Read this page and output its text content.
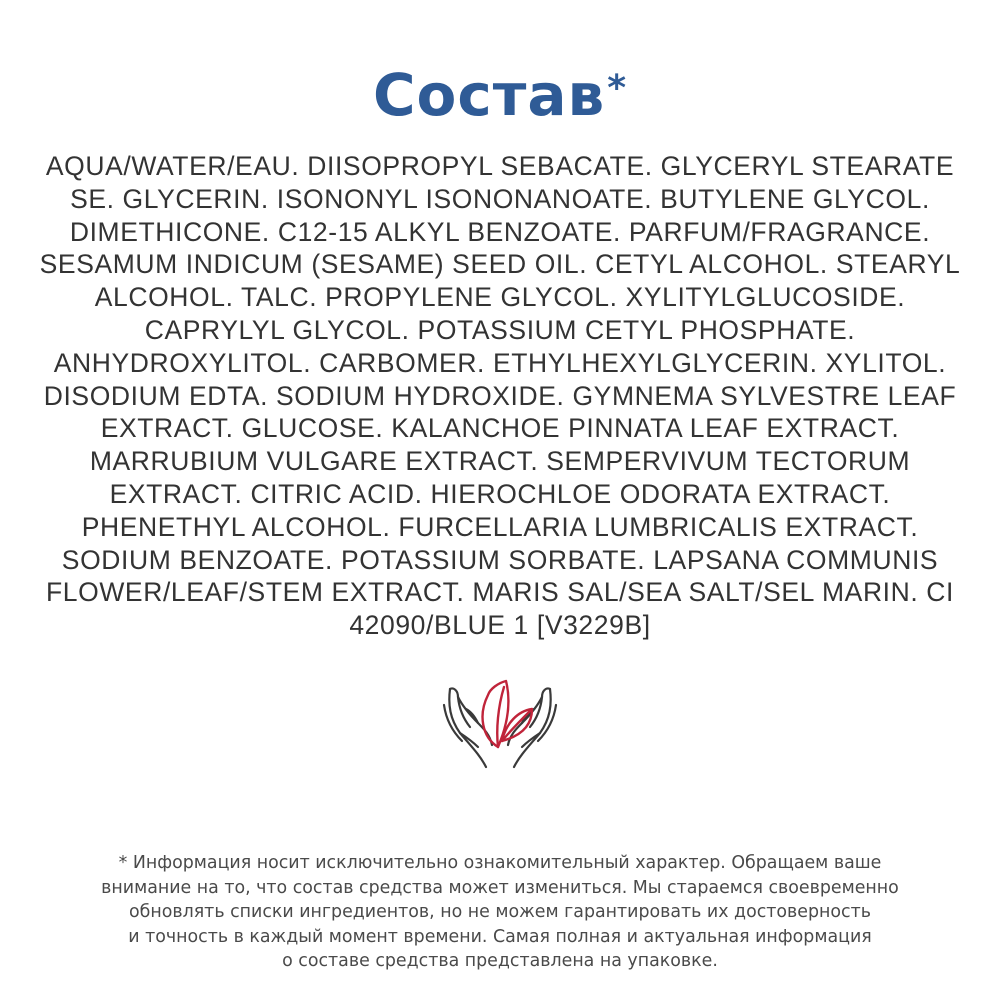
Состав*
AQUA/WATER/EAU. DIISOPROPYL SEBACATE. GLYCERYL STEARATE
SE. GLYCERIN. ISONONYL ISONONANOATE. BUTYLENE GLYCOL.
DIMETHICONE. C12-15 ALKYL BENZOATE. PARFUM/FRAGRANCE.
SESAMUM INDICUM (SESAME) SEED OIL. CETYL ALCOHOL. STEARYL
ALCOHOL. TALC. PROPYLENE GLYCOL. XYLITYLGLUCOSIDE.
CAPRYLYL GLYCOL. POTASSIUM CETYL PHOSPHATE.
ANHYDROXYLITOL. CARBOMER. ETHYLHEXYLGLYCERIN. XYLITOL.
DISODIUM EDTA. SODIUM HYDROXIDE. GYMNEMA SYLVESTRE LEAF
EXTRACT. GLUCOSE. KALANCHOE PINNATA LEAF EXTRACT.
MARRUBIUM VULGARE EXTRACT. SEMPERVIVUM TECTORUM
EXTRACT. CITRIC ACID. HIEROCHLOE ODORATA EXTRACT.
PHENETHYL ALCOHOL. FURCELLARIA LUMBRICALIS EXTRACT.
SODIUM BENZOATE. POTASSIUM SORBATE. LAPSANA COMMUNIS
FLOWER/LEAF/STEM EXTRACT. MARIS SAL/SEA SALT/SEL MARIN. CI
42090/BLUE 1 [V3229B]
* Информация носит исключительно ознакомительный характер. Обращаем ваше
внимание на то, что состав средства может измениться. Мы стараемся своевременно
обновлять списки ингредиентов, но не можем гарантировать их достоверность
и точность в каждый момент времени. Самая полная и актуальная информация
о составе средства представлена на упаковке.
